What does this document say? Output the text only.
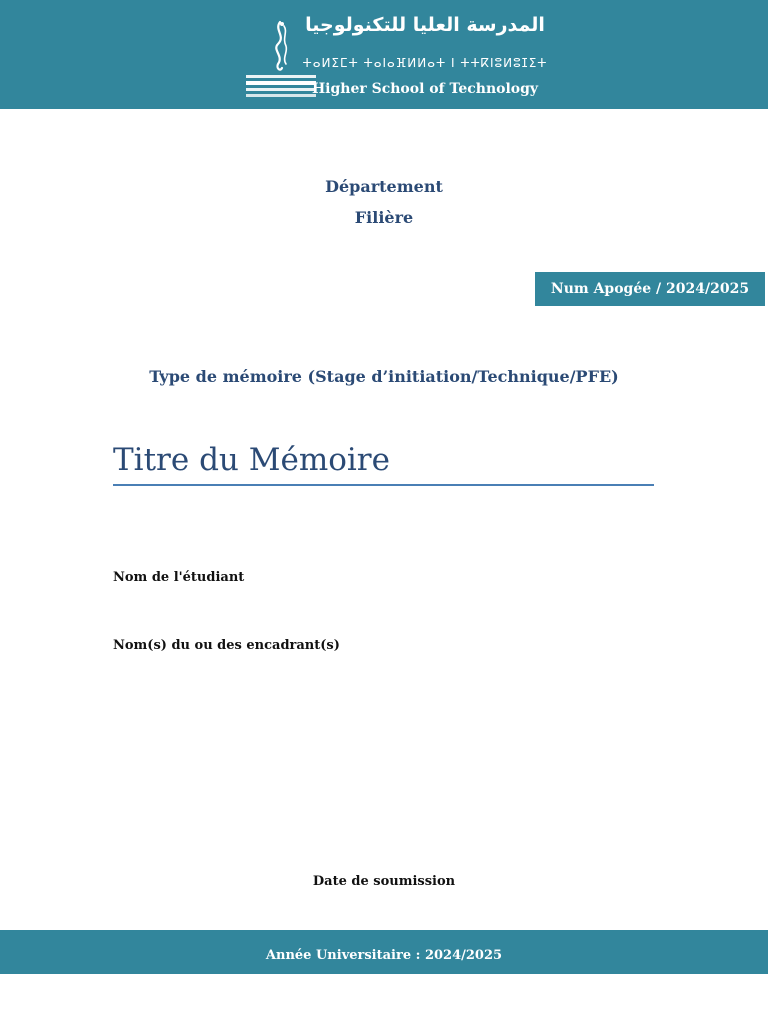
المدرسة العليا للتكنولوجيا
ⵜⴰⵍⵉⵎⵜ ⵜⴰⵏⴰⴼⵍⵍⴰⵜ ⵏ ⵜⵜⴽⵏⵓⵍⵓⵊⵉⵜ
Higher School of Technology
Département
Filière
Num Apogée / 2024/2025
Type de mémoire (Stage d’initiation/Technique/PFE)
Titre du Mémoire
Nom de l'étudiant
Nom(s) du ou des encadrant(s)
Date de soumission
Année Universitaire : 2024/2025
